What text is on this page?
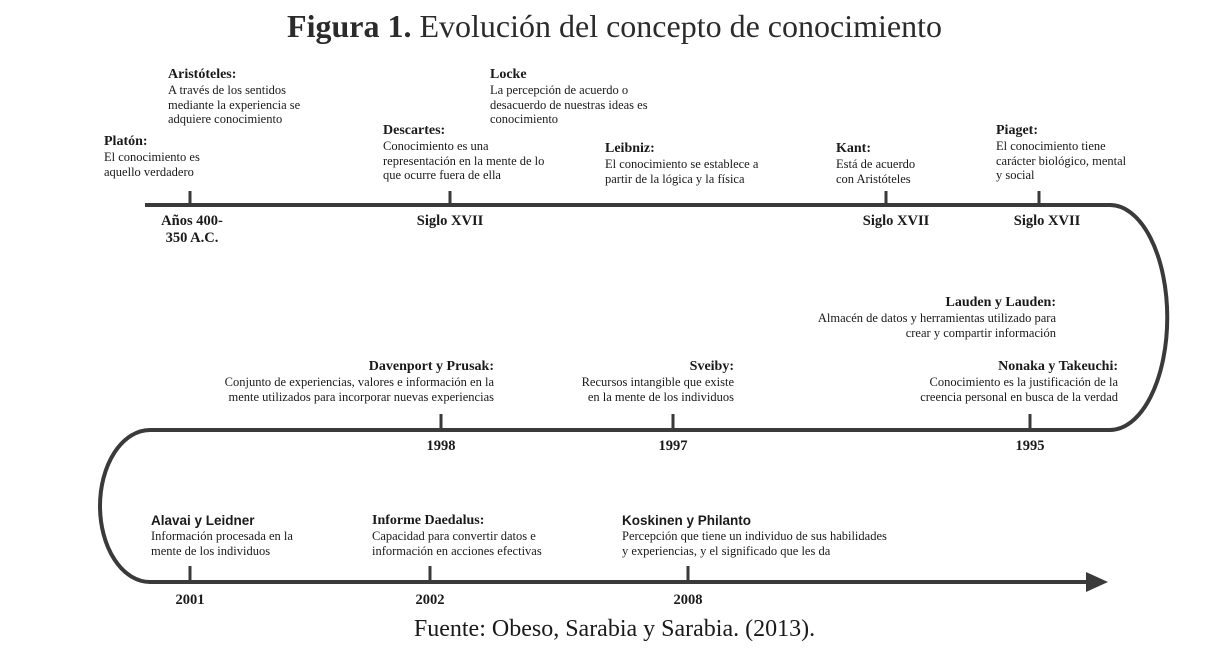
Figura 1. Evolución del concepto de conocimiento
Platón:
El conocimiento es
aquello verdadero
Aristóteles:
A través de los sentidos
mediante la experiencia se
adquiere conocimiento
Descartes:
Conocimiento es una
representación en la mente de lo
que ocurre fuera de ella
Locke
La percepción de acuerdo o
desacuerdo de nuestras ideas es
conocimiento
Leibniz:
El conocimiento se establece a
partir de la lógica y la física
Kant:
Está de acuerdo
con Aristóteles
Piaget:
El conocimiento tiene
carácter biológico, mental
y social
Años 400-
350 A.C.
Siglo XVII	Siglo XVII	Siglo XVII
Lauden y Lauden:
Almacén de datos y herramientas utilizado para
crear y compartir información
Nonaka y Takeuchi:
Conocimiento es la justificación de la
creencia personal en busca de la verdad
Sveiby:
Recursos intangible que existe
en la mente de los individuos
Davenport y Prusak:
Conjunto de experiencias, valores e información en la
mente utilizados para incorporar nuevas experiencias
1998	1997	1995
Alavai y Leidner
Información procesada en la
mente de los individuos
Informe Daedalus:
Capacidad para convertir datos e
información en acciones efectivas
Koskinen y Philanto
Percepción que tiene un individuo de sus habilidades
y experiencias, y el significado que les da
2001	2002	2008
Fuente: Obeso, Sarabia y Sarabia. (2013).
